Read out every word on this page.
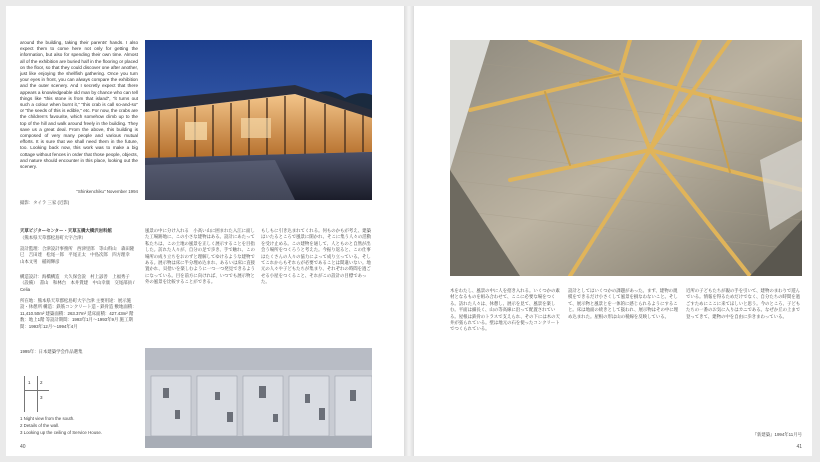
around the building, taking their parents' hands. I also expect them to come here not only for getting the information, but also for spending their own time. Almost all of the exhibition are buried half in the flooring or placed on the floor, so that they could discover one after another, just like enjoying the shellfish gathering. Once you turn your eyes in front, you can always compare the exhibition and the outer scenery. And I secretly expect that there appears a knowledgeable old man by chance who can tell things like "this stone is from that island", "it turns out such a colour when burnt it," "this crab is call so-and-so" or "the seeds of this is edible," etc. For now, the crabs are the children's favourite, which somehow climb up to the top of the hill and walk around freely in the building. They save us a great deal. From the above, this building is composed of very many people and various mutual efforts. It is sure that we shall need them in the future, too. Looking back now, this work was to make a big cottage without fences in order that those people, objects, and nature should encounter in this place, looking out the scenery.
"Shinkenchiku" November 1994
撮影：タイラ 三家 (近影)
天草ビジターセンター・天草五橋大橋沢岩料館
（熊本県天草郡松島町大字合津）
設計監理：合津設計事務所　西津里郎　等山料山　森田隆巳　吉田達　松尾一郎　平尾正太　中島次郎　四方理幸　山本文男　稲岡輝彦
構造設計：海橋構造　大久保会説　村上諺善　上福秀子（設備）　書山　和林台　本井貨建　中山幸康　交尾部員 / Celia
所在地：熊本県天草郡松島町大字合津 主要用途：展示施設・休憩所 構造：鉄筋コンクリート造・鉄骨造 敷地面積：11,410.50m² 建築面積：263.37m² 延床面積：427.43m² 階数：地上1階 等設計期間：1993年1月〜1993年9月 施工期間：1993年12月〜1994年4月
1995年：日本建築学会作品選集
1 2
3
1 Night view from the south.
2 Details of the wall.
3 Looking up the ceiling of Service House.
風景の中に分け入れる　小高い山に囲まれた入江に面した工場跡地に、この小さな建物はある。設計にあたって私たちは、この土地の風景を正しく展示することを目指した。訪れた人々が、自分の足で歩き、手で触れ、この場所の成り立ちをおのずと理解してゆけるような建物である。展示物は床に半分埋め込まれ、あるいは床に直接置かれ、貝拾いを楽しむように一つ一つ発見できるようになっている。目を前方に向ければ、いつでも展示物と外の風景を比較することができる。
もしもに引き込まれてくれる。何ものかもが考え、建築はいたるところで風景に開かれ、そこに集う人々の活動を受け止める。この建物を通して、人とものと自然が出会う場所をつくろうと考えた。今振り返ると、この仕事はたくさんの人々の協力によって成り立っている。そしてこれからもそれらが必要であることは間違いない。地元の人々や子どもたちが集まり、それぞれの時間を過ごせる小屋をつくること、それがこの設計の目標であった。
40
木をわたし、風景の中に人を招き入れる。いくつかの素材となるものを組み合わせて、ここに必要な場をつくる。訪れた人々は、休憩し、展示を見て、風景を楽しむ。平面は細長く、山の等高線に沿って配置されている。屋根は鉄骨のトラスで支えられ、その下には木の天井が張られている。壁は地元の石を使ったコンクリートでつくられている。
設計としてはいくつかの課題があった。まず、建物の規模をできるだけ小さくして風景を損なわないこと。そして、展示物と風景とを一体的に感じられるようにすること。床は地面の続きとして扱われ、展示物はその中に埋め込まれた。屋根の形は山の稜線を反映している。
近所の子どもたちが親の手を引いて、建物のまわりで遊んでいる。情報を得るためだけでなく、自分たちの時間を過ごすためにここに来てほしいと思う。今のところ、子どもたちの一番のお気に入りはカニである。なぜか丘の上まで登ってきて、建物の中を自由に歩きまわっている。
『新建築』1994年11月号
41
